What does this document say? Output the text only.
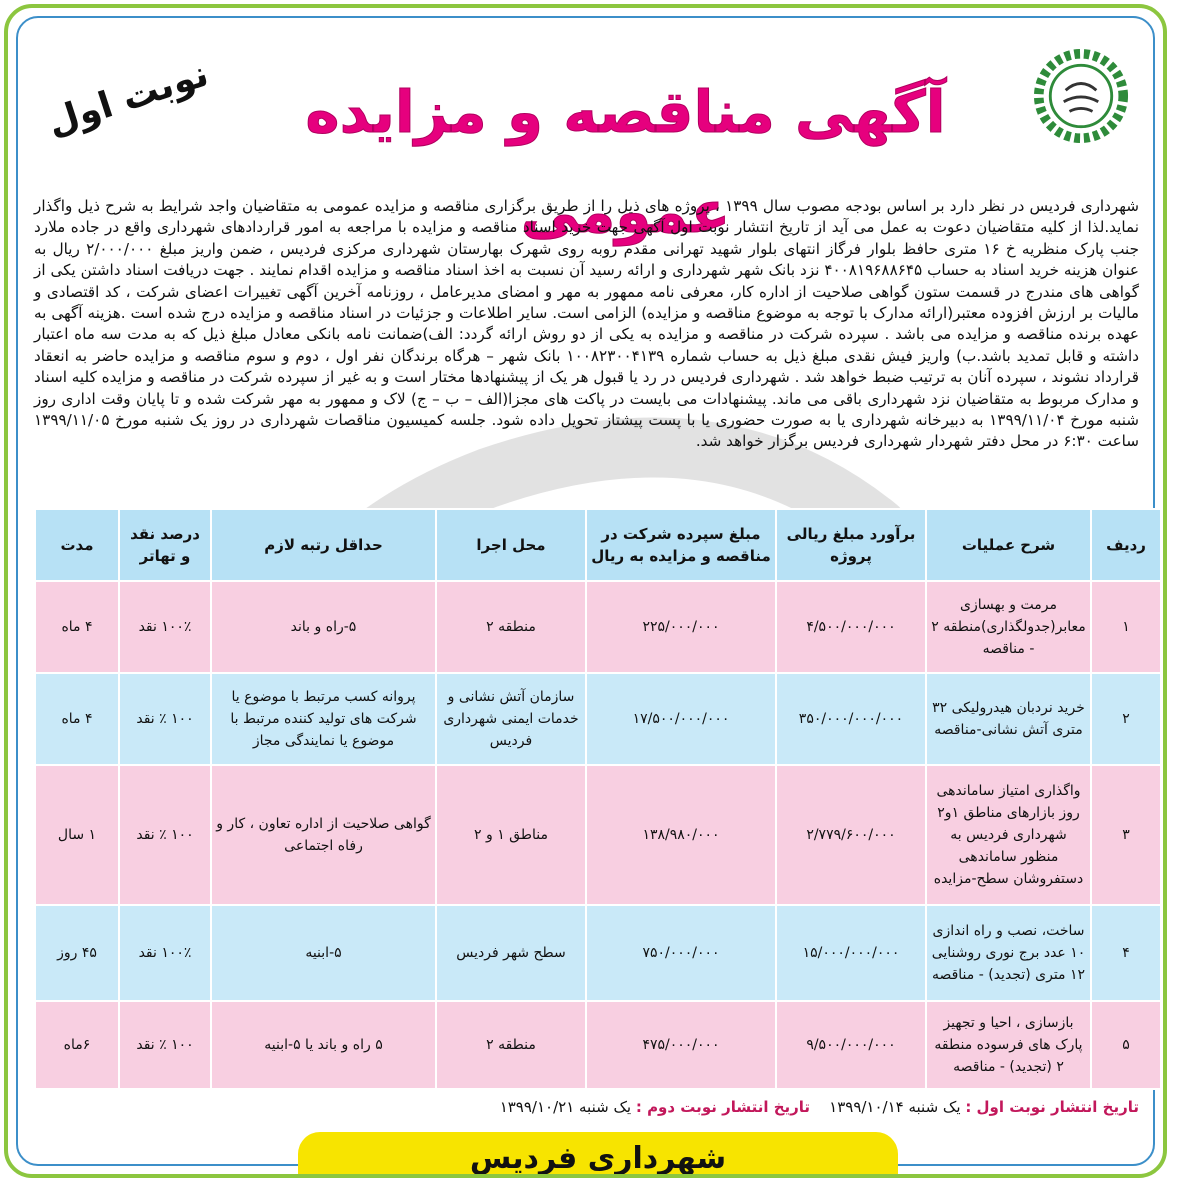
نوبت اول	آگهی مناقصه و مزایده عمومی
شهرداری فردیس در نظر دارد بر اساس بودجه مصوب سال ۱۳۹۹ ، پروژه های ذیل را از طریق برگزاری مناقصه و مزایده عمومی به متقاضیان واجد شرایط به شرح ذیل واگذار نماید.لذا از کلیه متقاضیان دعوت به عمل می آید از تاریخ انتشار نوبت اول آگهی جهت خرید اسناد مناقصه و مزایده با مراجعه به امور قراردادهای شهرداری واقع در جاده ملارد جنب پارک منظریه خ ۱۶ متری حافظ بلوار فرگاز انتهای بلوار شهید تهرانی مقدم روبه روی شهرک بهارستان شهرداری مرکزی فردیس ، ضمن واریز مبلغ ۲/۰۰۰/۰۰۰ ریال به عنوان هزینه خرید اسناد به حساب ۴۰۰۸۱۹۶۸۸۶۴۵ نزد بانک شهر شهرداری و ارائه رسید آن نسبت به اخذ اسناد مناقصه و مزایده اقدام نمایند . جهت دریافت اسناد داشتن یکی از گواهی های مندرج در قسمت ستون گواهی صلاحیت از اداره کار، معرفی نامه ممهور به مهر و امضای مدیرعامل ، روزنامه آخرین آگهی تغییرات اعضای شرکت ، کد اقتصادی و مالیات بر ارزش افزوده معتبر(ارائه مدارک با توجه به موضوع مناقصه و مزایده) الزامی است. سایر اطلاعات و جزئیات در اسناد مناقصه و مزایده درج شده است .هزینه آگهی به عهده برنده مناقصه و مزایده می باشد . سپرده شرکت در مناقصه و مزایده به یکی از دو روش ارائه گردد: الف)ضمانت نامه بانکی معادل مبلغ ذیل که به مدت سه ماه اعتبار داشته و قابل تمدید باشد.ب) واریز فیش نقدی مبلغ ذیل به حساب شماره ۱۰۰۸۲۳۰۰۴۱۳۹ بانک شهر – هرگاه برندگان نفر اول ، دوم و سوم مناقصه و مزایده حاضر به انعقاد قرارداد نشوند ، سپرده آنان به ترتیب ضبط خواهد شد . شهرداری فردیس در رد یا قبول هر یک از پیشنهادها مختار است و به غیر از سپرده شرکت در مناقصه و مزایده کلیه اسناد و مدارک مربوط به متقاضیان نزد شهرداری باقی می ماند. پیشنهادات می بایست در پاکت های مجزا(الف – ب – ج) لاک و ممهور به مهر شرکت شده و تا پایان وقت اداری روز شنبه مورخ ۱۳۹۹/۱۱/۰۴ به دبیرخانه شهرداری یا به صورت حضوری یا با پست پیشتاز تحویل داده شود. جلسه کمیسیون مناقصات شهرداری در روز یک شنبه مورخ ۱۳۹۹/۱۱/۰۵ ساعت ۶:۳۰ در محل دفتر شهردار شهرداری فردیس برگزار خواهد شد.
ردیف	شرح عملیات	برآورد مبلغ ریالی پروژه	مبلغ سپرده شرکت در مناقصه و مزایده به ریال	محل اجرا	حداقل رتبه لازم	درصد نقد و تهاتر	مدت
۱	مرمت و بهسازی معابر(جدولگذاری)منطقه ۲ - مناقصه	۴/۵۰۰/۰۰۰/۰۰۰	۲۲۵/۰۰۰/۰۰۰	منطقه ۲	۵-راه و باند	۱۰۰٪ نقد	۴ ماه
۲	خرید نردبان هیدرولیکی ۳۲ متری آتش نشانی-مناقصه	۳۵۰/۰۰۰/۰۰۰/۰۰۰	۱۷/۵۰۰/۰۰۰/۰۰۰	سازمان آتش نشانی و خدمات ایمنی شهرداری فردیس	پروانه کسب مرتبط با موضوع یا شرکت های تولید کننده مرتبط با موضوع یا نمایندگی مجاز	۱۰۰ ٪ نقد	۴ ماه
۳	واگذاری امتیاز ساماندهی روز بازارهای مناطق ۱و۲ شهرداری فردیس به منظور ساماندهی دستفروشان سطح-مزایده	۲/۷۷۹/۶۰۰/۰۰۰	۱۳۸/۹۸۰/۰۰۰	مناطق ۱ و ۲	گواهی صلاحیت از اداره تعاون ، کار و رفاه اجتماعی	۱۰۰ ٪ نقد	۱ سال
۴	ساخت، نصب و راه اندازی ۱۰ عدد برج نوری روشنایی ۱۲ متری (تجدید) - مناقصه	۱۵/۰۰۰/۰۰۰/۰۰۰	۷۵۰/۰۰۰/۰۰۰	سطح شهر فردیس	۵-ابنیه	۱۰۰٪ نقد	۴۵ روز
۵	بازسازی ، احیا و تجهیز پارک های فرسوده منطقه ۲ (تجدید) - مناقصه	۹/۵۰۰/۰۰۰/۰۰۰	۴۷۵/۰۰۰/۰۰۰	منطقه ۲	۵ راه و باند یا ۵-ابنیه	۱۰۰ ٪ نقد	۶ماه
تاریخ انتشار نوبت اول : یک شنبه ۱۳۹۹/۱۰/۱۴    تاریخ انتشار نوبت دوم : یک شنبه ۱۳۹۹/۱۰/۲۱
شهرداری فردیس
